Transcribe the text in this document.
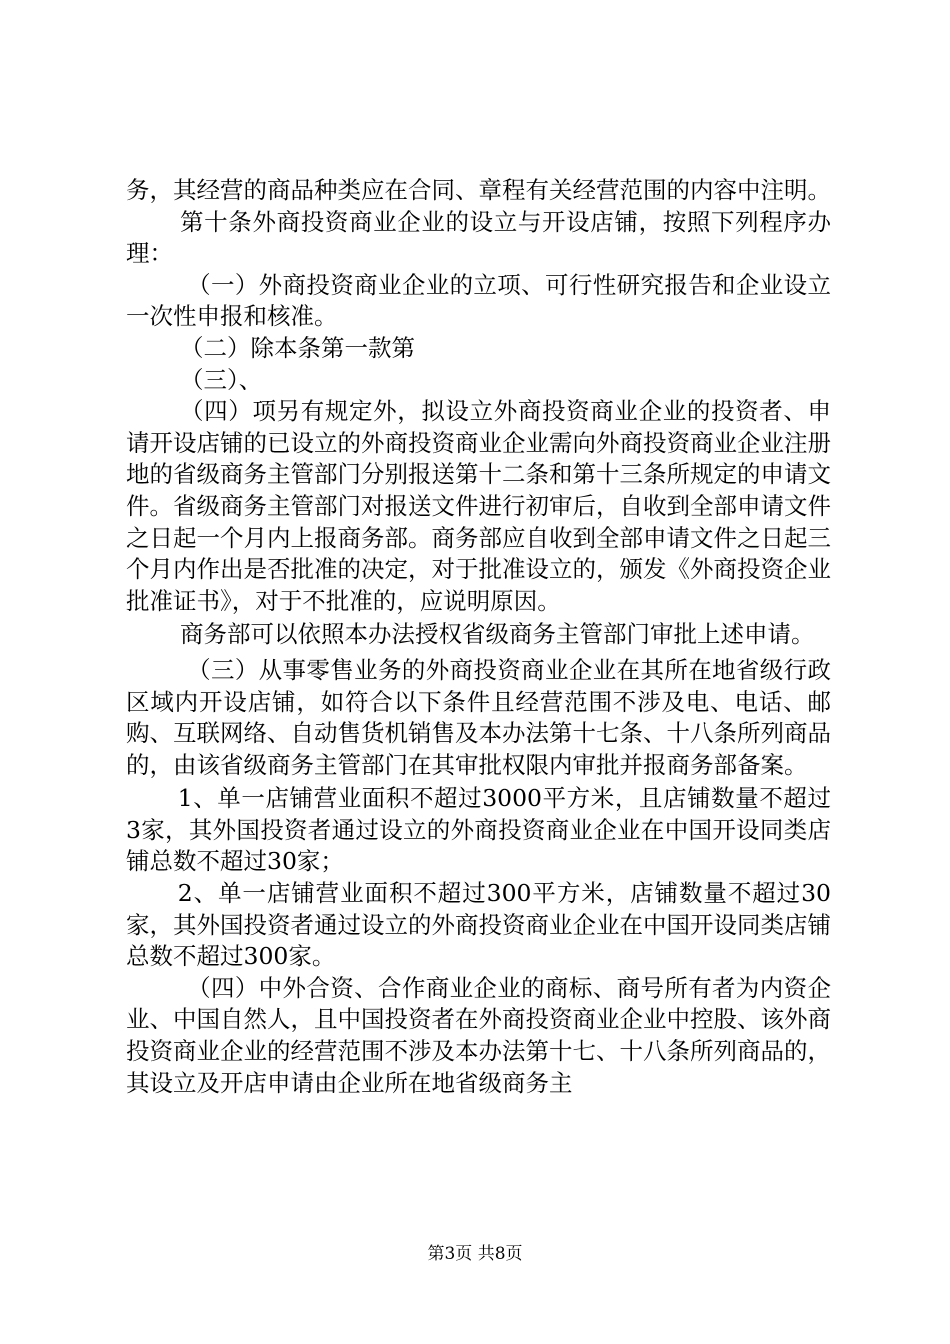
务，其经营的商品种类应在合同、章程有关经营范围的内容中注明。

第十条外商投资商业企业的设立与开设店铺，按照下列程序办理：

（一）外商投资商业企业的立项、可行性研究报告和企业设立一次性申报和核准。

（二）除本条第一款第

（三）、

（四）项另有规定外，拟设立外商投资商业企业的投资者、申请开设店铺的已设立的外商投资商业企业需向外商投资商业企业注册地的省级商务主管部门分别报送第十二条和第十三条所规定的申请文件。省级商务主管部门对报送文件进行初审后，自收到全部申请文件之日起一个月内上报商务部。商务部应自收到全部申请文件之日起三个月内作出是否批准的决定，对于批准设立的，颁发《外商投资企业批准证书》，对于不批准的，应说明原因。

商务部可以依照本办法授权省级商务主管部门审批上述申请。

（三）从事零售业务的外商投资商业企业在其所在地省级行政区域内开设店铺，如符合以下条件且经营范围不涉及电、电话、邮购、互联网络、自动售货机销售及本办法第十七条、十八条所列商品的，由该省级商务主管部门在其审批权限内审批并报商务部备案。

1、单一店铺营业面积不超过3000平方米，且店铺数量不超过3家，其外国投资者通过设立的外商投资商业企业在中国开设同类店铺总数不超过30家；

2、单一店铺营业面积不超过300平方米，店铺数量不超过30家，其外国投资者通过设立的外商投资商业企业在中国开设同类店铺总数不超过300家。

（四）中外合资、合作商业企业的商标、商号所有者为内资企业、中国自然人，且中国投资者在外商投资商业企业中控股、该外商投资商业企业的经营范围不涉及本办法第十七、十八条所列商品的，其设立及开店申请由企业所在地省级商务主

第3页 共8页
